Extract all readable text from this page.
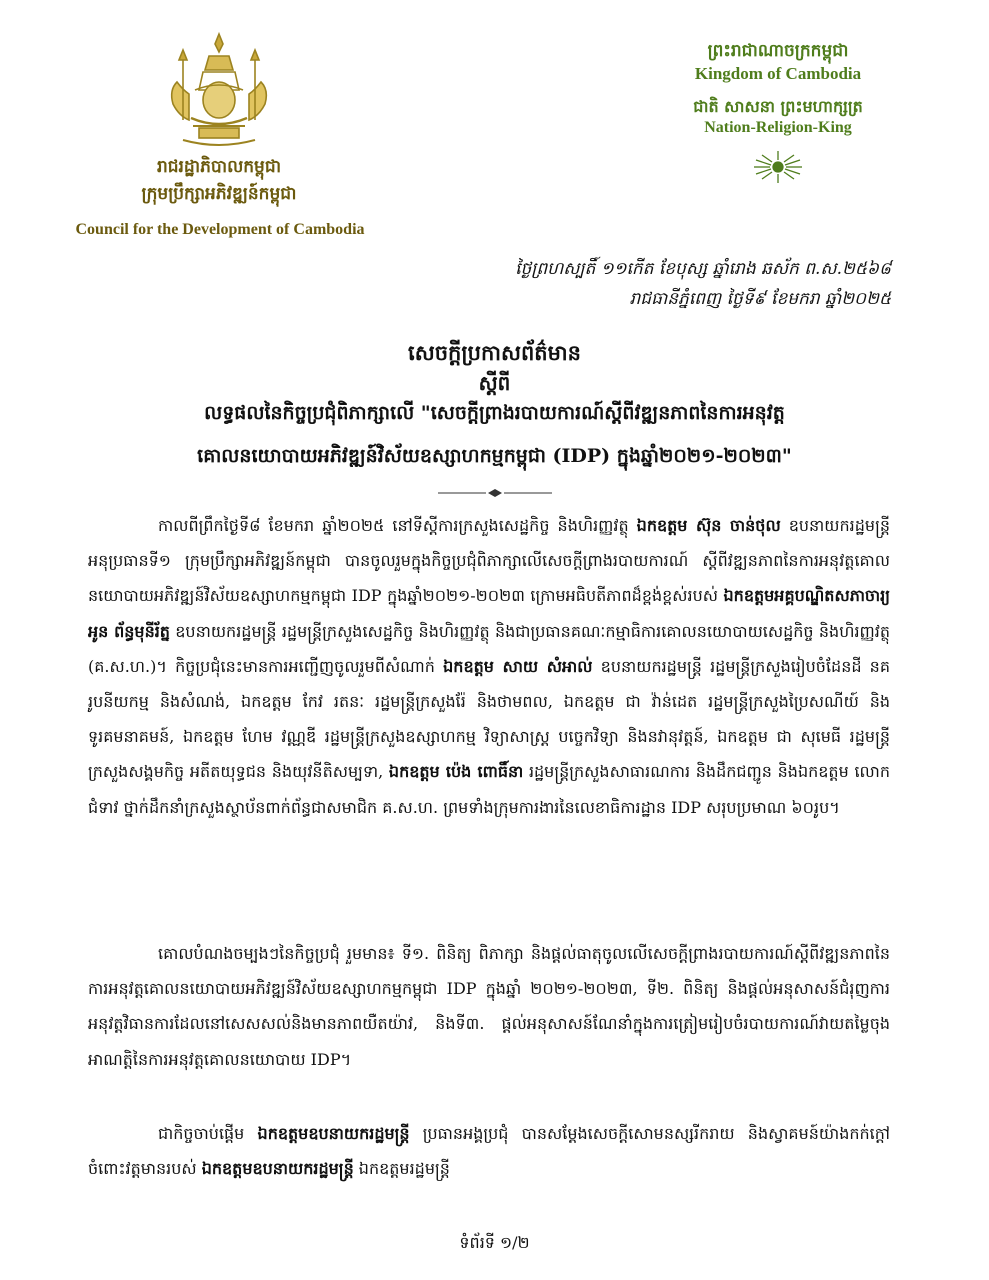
រាជរដ្ឋាភិបាលកម្ពុជា
ក្រុមប្រឹក្សាអភិវឌ្ឍន៍កម្ពុជា
Council for the Development of Cambodia
ព្រះរាជាណាចក្រកម្ពុជា
Kingdom of Cambodia
ជាតិ សាសនា ព្រះមហាក្សត្រ
Nation-Religion-King
ថ្ងៃព្រហស្បតិ៍ ១១កើត ខែបុស្ស ឆ្នាំរោង ឆស័ក ព.ស.២៥៦៨
រាជធានីភ្នំពេញ ថ្ងៃទី៩ ខែមករា ឆ្នាំ២០២៥
សេចក្ដីប្រកាសព័ត៌មាន
ស្ដីពី
លទ្ធផលនៃកិច្ចប្រជុំពិភាក្សាលើ "សេចក្ដីព្រាងរបាយការណ៍ស្ដីពីវឌ្ឍនភាពនៃការអនុវត្ត
គោលនយោបាយអភិវឌ្ឍន៍វិស័យឧស្សាហកម្មកម្ពុជា (IDP) ក្នុងឆ្នាំ២០២១-២០២៣"
កាលពីព្រឹកថ្ងៃទី៨ ខែមករា ឆ្នាំ២០២៥ នៅទីស្ដីការក្រសួងសេដ្ឋកិច្ច និងហិរញ្ញវត្ថុ ឯកឧត្តម ស៊ុន ចាន់ថុល ឧបនាយករដ្ឋមន្ត្រី អនុប្រធានទី១ ក្រុមប្រឹក្សាអភិវឌ្ឍន៍កម្ពុជា បានចូលរួមក្នុងកិច្ចប្រជុំពិភាក្សាលើសេចក្ដីព្រាងរបាយការណ៍ ស្ដីពីវឌ្ឍនភាពនៃការអនុវត្តគោលនយោបាយអភិវឌ្ឍន៍វិស័យឧស្សាហកម្មកម្ពុជា IDP ក្នុងឆ្នាំ២០២១-២០២៣ ក្រោមអធិបតីភាពដ៏ខ្ពង់ខ្ពស់របស់ ឯកឧត្តមអគ្គបណ្ឌិតសភាចារ្យ អូន ព័ន្ធមុនីរ័ត្ន ឧបនាយករដ្ឋមន្ត្រី រដ្ឋមន្ត្រីក្រសួងសេដ្ឋកិច្ច និងហិរញ្ញវត្ថុ និងជាប្រធានគណៈកម្មាធិការគោលនយោបាយសេដ្ឋកិច្ច និងហិរញ្ញវត្ថុ (គ.ស.ហ.)។ កិច្ចប្រជុំនេះមានការអញ្ជើញចូលរួមពីសំណាក់ ឯកឧត្តម សាយ សំអាល់ ឧបនាយករដ្ឋមន្ត្រី រដ្ឋមន្ត្រីក្រសួងរៀបចំដែនដី នគរូបនីយកម្ម និងសំណង់, ឯកឧត្តម កែវ រតនៈ រដ្ឋមន្ត្រីក្រសួងរ៉ែ និងថាមពល, ឯកឧត្តម ជា វ៉ាន់ដេត រដ្ឋមន្ត្រីក្រសួងប្រៃសណីយ៍ និងទូរគមនាគមន៍, ឯកឧត្តម ហែម វណ្ណឌី រដ្ឋមន្ត្រីក្រសួងឧស្សាហកម្ម វិទ្យាសាស្ត្រ បច្ចេកវិទ្យា និងនវានុវត្តន៍, ឯកឧត្តម ជា សុមេធី រដ្ឋមន្ត្រីក្រសួងសង្គមកិច្ច អតីតយុទ្ធជន និងយុវនីតិសម្បទា, ឯកឧត្តម ប៉េង ពោធិ៍នា រដ្ឋមន្ត្រីក្រសួងសាធារណការ និងដឹកជញ្ជូន និងឯកឧត្តម លោកជំទាវ ថ្នាក់ដឹកនាំក្រសួងស្ថាប័នពាក់ព័ន្ធជាសមាជិក គ.ស.ហ. ព្រមទាំងក្រុមការងារនៃលេខាធិការដ្ឋាន IDP សរុបប្រមាណ ៦០រូប។
គោលបំណងចម្បងៗនៃកិច្ចប្រជុំ រួមមាន៖ ទី១. ពិនិត្យ ពិភាក្សា និងផ្ដល់ធាតុចូលលើសេចក្ដីព្រាងរបាយការណ៍ស្ដីពីវឌ្ឍនភាពនៃការអនុវត្តគោលនយោបាយអភិវឌ្ឍន៍វិស័យឧស្សាហកម្មកម្ពុជា IDP ក្នុងឆ្នាំ ២០២១-២០២៣, ទី២. ពិនិត្យ និងផ្ដល់អនុសាសន៍ជំរុញការអនុវត្តវិធានការដែលនៅសេសសល់និងមានភាពយឺតយ៉ាវ, និងទី៣. ផ្ដល់អនុសាសន៍ណែនាំក្នុងការត្រៀមរៀបចំរបាយការណ៍វាយតម្លៃចុងអាណត្តិនៃការអនុវត្តគោលនយោបាយ IDP។
ជាកិច្ចចាប់ផ្ដើម ឯកឧត្តមឧបនាយករដ្ឋមន្ត្រី ប្រធានអង្គប្រជុំ បានសម្ដែងសេចក្ដីសោមនស្សរីករាយ និងស្វាគមន៍យ៉ាងកក់ក្ដៅចំពោះវត្តមានរបស់ ឯកឧត្តមឧបនាយករដ្ឋមន្ត្រី ឯកឧត្តមរដ្ឋមន្ត្រី
ទំព័រទី ១/២
